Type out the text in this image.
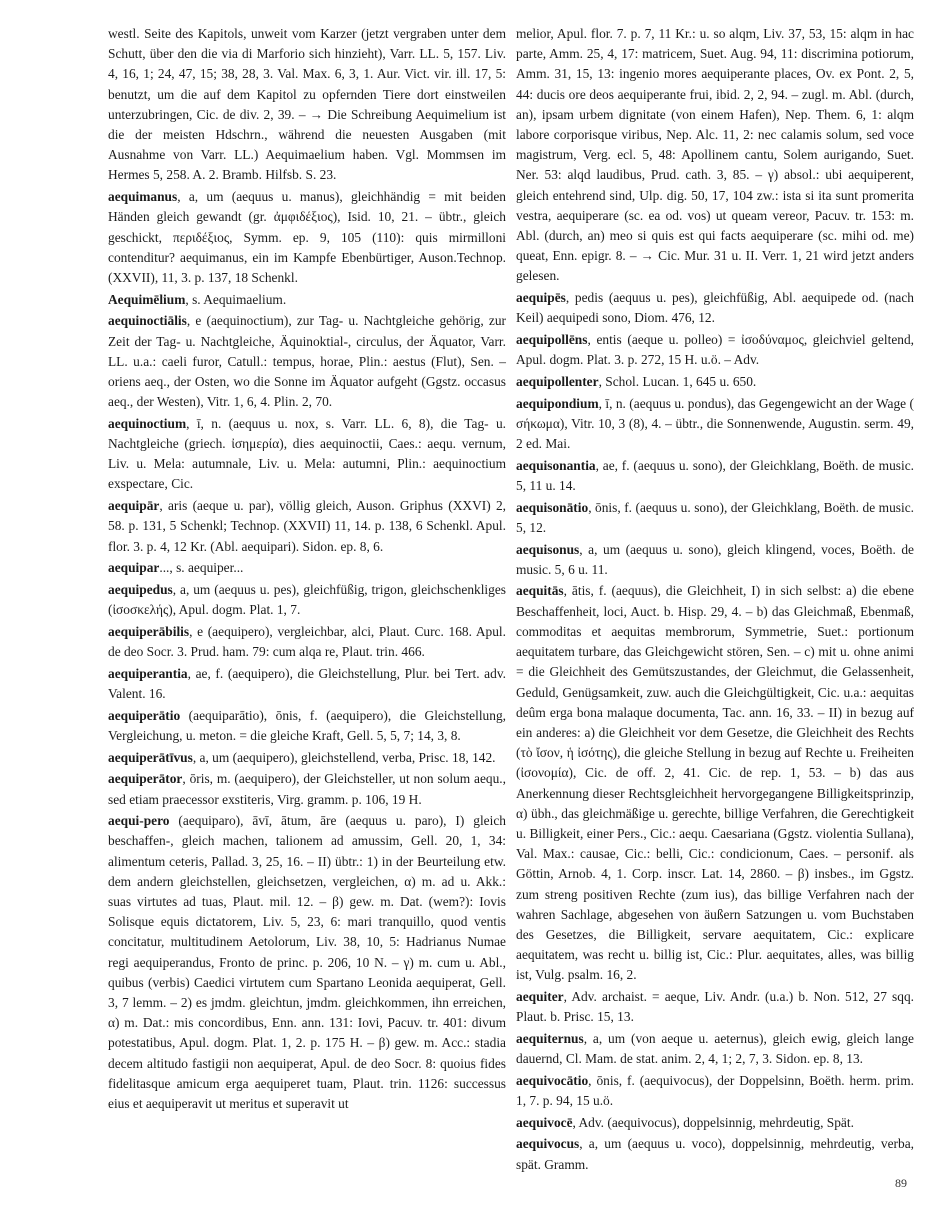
westl. Seite des Kapitols, unweit vom Karzer (jetzt vergraben unter dem Schutt, über den die via di Marforio sich hinzieht), Varr. LL. 5, 157. Liv. 4, 16, 1; 24, 47, 15; 38, 28, 3. Val. Max. 6, 3, 1. Aur. Vict. vir. ill. 17, 5: benutzt, um die auf dem Kapitol zu opfernden Tiere dort einstweilen unterzubringen, Cic. de div. 2, 39. – → Die Schreibung Aequimelium ist die der meisten Hdschrn., während die neuesten Ausgaben (mit Ausnahme von Varr. LL.) Aequimaelium haben. Vgl. Mommsen im Hermes 5, 258. A. 2. Bramb. Hilfsb. S. 23.

aequimanus, a, um (aequus u. manus), gleichhändig = mit beiden Händen gleich gewandt (gr. ἀμφιδέξιος), Isid. 10, 21. – übtr., gleich geschickt, περιδέξιος, Symm. ep. 9, 105 (110): quis mirmilloni contenditur? aequimanus, ein im Kampfe Ebenbürtiger, Auson.Technop. (XXVII), 11, 3. p. 137, 18 Schenkl.

Aequimēlium, s. Aequimaelium.

aequinoctiālis, e (aequinoctium), zur Tag- u. Nachtgleiche gehörig, zur Zeit der Tag- u. Nachtgleiche, Äquinoktial-, circulus, der Äquator, Varr. LL. u.a.: caeli furor, Catull.: tempus, horae, Plin.: aestus (Flut), Sen. – oriens aeq., der Osten, wo die Sonne im Äquator aufgeht (Ggstz. occasus aeq., der Westen), Vitr. 1, 6, 4. Plin. 2, 70.

aequinoctium, ī, n. (aequus u. nox, s. Varr. LL. 6, 8), die Tag- u. Nachtgleiche (griech. ἰσημερία), dies aequinoctii, Caes.: aequ. vernum, Liv. u. Mela: autumnale, Liv. u. Mela: autumni, Plin.: aequinoctium exspectare, Cic.

aequipār, aris (aeque u. par), völlig gleich, Auson. Griphus (XXVI) 2, 58. p. 131, 5 Schenkl; Technop. (XXVII) 11, 14. p. 138, 6 Schenkl. Apul. flor. 3. p. 4, 12 Kr. (Abl. aequipari). Sidon. ep. 8, 6.

aequipar..., s. aequiper...

aequipedus, a, um (aequus u. pes), gleichfüßig, trigon, gleichschenkliges (ἰσοσκελής), Apul. dogm. Plat. 1, 7.

aequiperābilis, e (aequipero), vergleichbar, alci, Plaut. Curc. 168. Apul. de deo Socr. 3. Prud. ham. 79: cum alqa re, Plaut. trin. 466.

aequiperantia, ae, f. (aequipero), die Gleichstellung, Plur. bei Tert. adv. Valent. 16.

aequiperātio (aequiparātio), ōnis, f. (aequipero), die Gleichstellung, Vergleichung, u. meton. = die gleiche Kraft, Gell. 5, 5, 7; 14, 3, 8.

aequiperātīvus, a, um (aequipero), gleichstellend, verba, Prisc. 18, 142.

aequiperātor, ōris, m. (aequipero), der Gleichsteller, ut non solum aequ., sed etiam praecessor exstiteris, Virg. gramm. p. 106, 19 H.

aequi-pero (aequiparo), āvī, ātum, āre (aequus u. paro), I) gleich beschaffen-, gleich machen, talionem ad amussim, Gell. 20, 1, 34: alimentum ceteris, Pallad. 3, 25, 16. – II) übtr.: 1) in der Beurteilung etw. dem andern gleichstellen, gleichsetzen, vergleichen, α) m. ad u. Akk.: suas virtutes ad tuas, Plaut. mil. 12. – β) gew. m. Dat. (wem?): Iovis Solisque equis dictatorem, Liv. 5, 23, 6: mari tranquillo, quod ventis concitatur, multitudinem Aetolorum, Liv. 38, 10, 5: Hadrianus Numae regi aequiperandus, Fronto de princ. p. 206, 10 N. – γ) m. cum u. Abl., quibus (verbis) Caedici virtutem cum Spartano Leonida aequiperat, Gell. 3, 7 lemm. – 2) es jmdm. gleichtun, jmdm. gleichkommen, ihn erreichen, α) m. Dat.: mis concordibus, Enn. ann. 131: Iovi, Pacuv. tr. 401: divum potestatibus, Apul. dogm. Plat. 1, 2. p. 175 H. – β) gew. m. Acc.: stadia decem altitudo fastigii non aequiperat, Apul. de deo Socr. 8: quoius fides fidelitasque amicum erga aequiperet tuam, Plaut. trin. 1126: successus eius et aequiperavit ut meritus et superavit ut

melior, Apul. flor. 7. p. 7, 11 Kr.: u. so alqm, Liv. 37, 53, 15: alqm in hac parte, Amm. 25, 4, 17: matricem, Suet. Aug. 94, 11: discrimina potiorum, Amm. 31, 15, 13: ingenio mores aequiperante places, Ov. ex Pont. 2, 5, 44: ducis ore deos aequiperante frui, ibid. 2, 2, 94. – zugl. m. Abl. (durch, an), ipsam urbem dignitate (von einem Hafen), Nep. Them. 6, 1: alqm labore corporisque viribus, Nep. Alc. 11, 2: nec calamis solum, sed voce magistrum, Verg. ecl. 5, 48: Apollinem cantu, Solem aurigando, Suet. Ner. 53: alqd laudibus, Prud. cath. 3, 85. – γ) absol.: ubi aequiperent, gleich entehrend sind, Ulp. dig. 50, 17, 104 zw.: ista si ita sunt promerita vestra, aequiperare (sc. ea od. vos) ut queam vereor, Pacuv. tr. 153: m. Abl. (durch, an) meo si quis est qui facts aequiperare (sc. mihi od. me) queat, Enn. epigr. 8. – → Cic. Mur. 31 u. II. Verr. 1, 21 wird jetzt anders gelesen.

aequipēs, pedis (aequus u. pes), gleichfüßig, Abl. aequipede od. (nach Keil) aequipedi sono, Diom. 476, 12.

aequipollēns, entis (aeque u. polleo) = ἰσοδύναμος, gleichviel geltend, Apul. dogm. Plat. 3. p. 272, 15 H. u.ö. – Adv.

aequipollenter, Schol. Lucan. 1, 645 u. 650.

aequipondium, ī, n. (aequus u. pondus), das Gegengewicht an der Wage ( σήκωμα), Vitr. 10, 3 (8), 4. – übtr., die Sonnenwende, Augustin. serm. 49, 2 ed. Mai.

aequisonantia, ae, f. (aequus u. sono), der Gleichklang, Boëth. de music. 5, 11 u. 14.

aequisonātio, ōnis, f. (aequus u. sono), der Gleichklang, Boëth. de music. 5, 12.

aequisonus, a, um (aequus u. sono), gleich klingend, voces, Boëth. de music. 5, 6 u. 11.

aequitās, ātis, f. (aequus), die Gleichheit, I) in sich selbst: a) die ebene Beschaffenheit, loci, Auct. b. Hisp. 29, 4. – b) das Gleichmaß, Ebenmaß, commoditas et aequitas membrorum, Symmetrie, Suet.: portionum aequitatem turbare, das Gleichgewicht stören, Sen. – c) mit u. ohne animi = die Gleichheit des Gemütszustandes, der Gleichmut, die Gelassenheit, Geduld, Genügsamkeit, zuw. auch die Gleichgültigkeit, Cic. u.a.: aequitas deûm erga bona malaque documenta, Tac. ann. 16, 33. – II) in bezug auf ein anderes: a) die Gleichheit vor dem Gesetze, die Gleichheit des Rechts (τὸ ἴσον, ἡ ἰσότης), die gleiche Stellung in bezug auf Rechte u. Freiheiten (ἰσονομία), Cic. de off. 2, 41. Cic. de rep. 1, 53. – b) das aus Anerkennung dieser Rechtsgleichheit hervorgegangene Billigkeitsprinzip, α) übh., das gleichmäßige u. gerechte, billige Verfahren, die Gerechtigkeit u. Billigkeit, einer Pers., Cic.: aequ. Caesariana (Ggstz. violentia Sullana), Val. Max.: causae, Cic.: belli, Cic.: condicionum, Caes. – personif. als Göttin, Arnob. 4, 1. Corp. inscr. Lat. 14, 2860. – β) insbes., im Ggstz. zum streng positiven Rechte (zum ius), das billige Verfahren nach der wahren Sachlage, abgesehen von äußern Satzungen u. vom Buchstaben des Gesetzes, die Billigkeit, servare aequitatem, Cic.: explicare aequitatem, was recht u. billig ist, Cic.: Plur. aequitates, alles, was billig ist, Vulg. psalm. 16, 2.

aequiter, Adv. archaist. = aeque, Liv. Andr. (u.a.) b. Non. 512, 27 sqq. Plaut. b. Prisc. 15, 13.

aequiternus, a, um (von aeque u. aeternus), gleich ewig, gleich lange dauernd, Cl. Mam. de stat. anim. 2, 4, 1; 2, 7, 3. Sidon. ep. 8, 13.

aequivocātio, ōnis, f. (aequivocus), der Doppelsinn, Boëth. herm. prim. 1, 7. p. 94, 15 u.ö.

aequivocē, Adv. (aequivocus), doppelsinnig, mehrdeutig, Spät.

aequivocus, a, um (aequus u. voco), doppelsinnig, mehrdeutig, verba, spät. Gramm.

89
